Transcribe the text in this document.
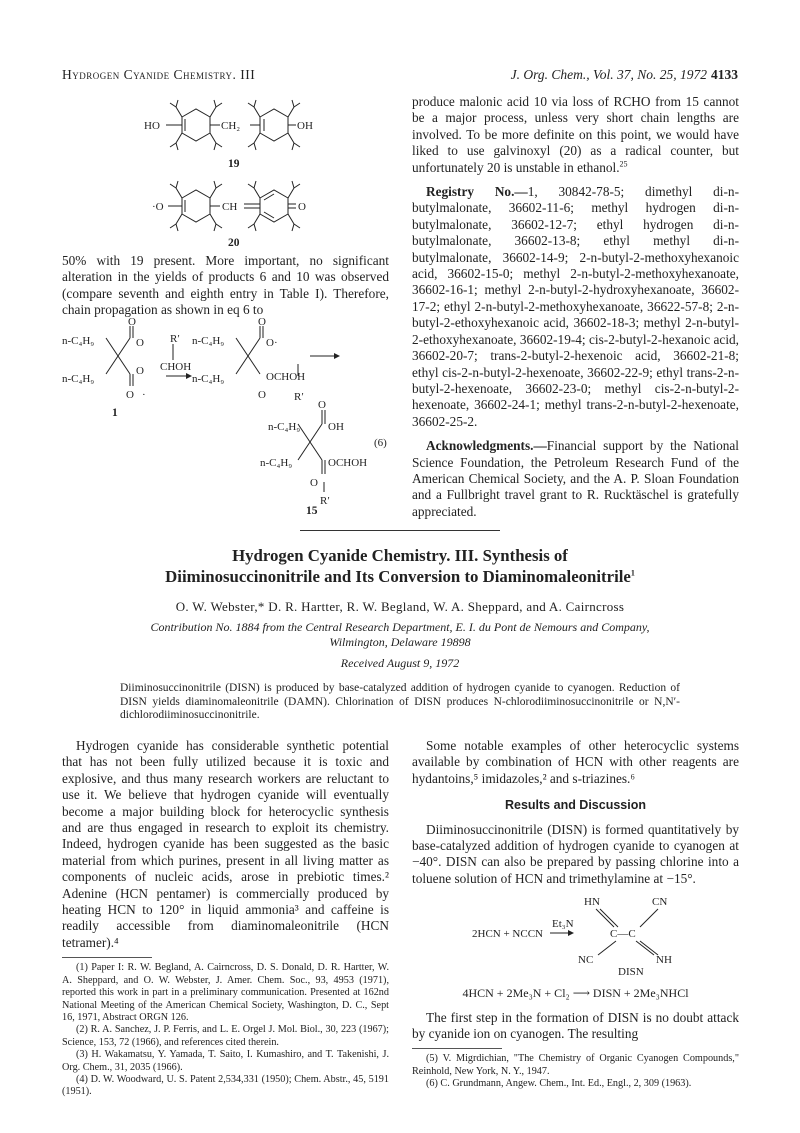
Hydrogen Cyanide Chemistry. III	J. Org. Chem., Vol. 37, No. 25, 1972 4133
HO	CH₂	OH
19
·O	CH	O
20

50% with 19 present. More important, no significant alteration in the yields of products 6 and 10 was observed (compare seventh and eighth entry in Table I). Therefore, chain propagation as shown in eq 6 to

O
n-C₄H₉	O
n-C₄H₉
O
O ·
1
R′
CHOH
O
n-C₄H₉	O·
n-C₄H₉	OCHOH
O	R′
O
n-C₄H₉	OH
n-C₄H₉	OCHOH
O
R′
(6)
15

produce malonic acid 10 via loss of RCHO from 15 cannot be a major process, unless very short chain lengths are involved. To be more definite on this point, we would have liked to use galvinoxyl (20) as a radical counter, but unfortunately 20 is unstable in ethanol.$^{25}$

Registry No.—1, 30842-78-5; dimethyl di-n-butylmalonate, 36602-11-6; methyl hydrogen di-n-butylmalonate, 36602-12-7; ethyl hydrogen di-n-butylmalonate, 36602-13-8; ethyl methyl di-n-butylmalonate, 36602-14-9; 2-n-butyl-2-methoxyhexanoic acid, 36602-15-0; methyl 2-n-butyl-2-methoxyhexanoate, 36602-16-1; methyl 2-n-butyl-2-hydroxyhexanoate, 36602-17-2; ethyl 2-n-butyl-2-methoxyhexanoate, 36622-57-8; 2-n-butyl-2-ethoxyhexanoic acid, 36602-18-3; methyl 2-n-butyl-2-ethoxyhexanoate, 36602-19-4; cis-2-butyl-2-hexanoic acid, 36602-20-7; trans-2-butyl-2-hexenoic acid, 36602-21-8; ethyl cis-2-n-butyl-2-hexenoate, 36602-22-9; ethyl trans-2-n-butyl-2-hexenoate, 36602-23-0; methyl cis-2-n-butyl-2-hexenoate, 36602-24-1; methyl trans-2-n-butyl-2-hexenoate, 36602-25-2.

Acknowledgments.—Financial support by the National Science Foundation, the Petroleum Research Fund of the American Chemical Society, and the A. P. Sloan Foundation and a Fullbright travel grant to R. Rucktäschel is gratefully appreciated.

Hydrogen Cyanide Chemistry. III. Synthesis of
Diiminosuccinonitrile and Its Conversion to Diaminomaleonitrile$^1$
O. W. Webster,* D. R. Hartter, R. W. Begland, W. A. Sheppard, and A. Cairncross
Contribution No. 1884 from the Central Research Department, E. I. du Pont de Nemours and Company,
Wilmington, Delaware 19898
Received August 9, 1972
Diiminosuccinonitrile (DISN) is produced by base-catalyzed addition of hydrogen cyanide to cyanogen. Reduction of DISN yields diaminomaleonitrile (DAMN). Chlorination of DISN produces N-chlorodiiminosuccinonitrile or N,N′-dichlorodiiminosuccinonitrile.

Hydrogen cyanide has considerable synthetic potential that has not been fully utilized because it is toxic and explosive, and thus many research workers are reluctant to use it. We believe that hydrogen cyanide will eventually become a major building block for heterocyclic synthesis and are thus engaged in research to exploit its chemistry. Indeed, hydrogen cyanide has been suggested as the basic material from which purines, present in all living matter as components of nucleic acids, arose in prebiotic times.² Adenine (HCN pentamer) is commercially produced by heating HCN to 120° in liquid ammonia³ and caffeine is readily accessible from diaminomaleonitrile (HCN tetramer).⁴

(1) Paper I: R. W. Begland, A. Cairncross, D. S. Donald, D. R. Hartter, W. A. Sheppard, and O. W. Webster, J. Amer. Chem. Soc., 93, 4953 (1971), reported this work in part in a preliminary communication. Presented at 162nd National Meeting of the American Chemical Society, Washington, D. C., Sept 16, 1971, Abstract ORGN 126.

(2) R. A. Sanchez, J. P. Ferris, and L. E. Orgel J. Mol. Biol., 30, 223 (1967); Science, 153, 72 (1966), and references cited therein.

(3) H. Wakamatsu, Y. Yamada, T. Saito, I. Kumashiro, and T. Takenishi, J. Org. Chem., 31, 2035 (1966).

(4) D. W. Woodward, U. S. Patent 2,534,331 (1950); Chem. Abstr., 45, 5191 (1951).

Some notable examples of other heterocyclic systems available by combination of HCN with other reagents are hydantoins,⁵ imidazoles,² and s-triazines.⁶

Results and Discussion

Diiminosuccinonitrile (DISN) is formed quantitatively by base-catalyzed addition of hydrogen cyanide to cyanogen at −40°. DISN can also be prepared by passing chlorine into a toluene solution of HCN and trimethylamine at −15°.

2HCN + NCCN
Et₃N
HN	CN
C—C
NC	NH
DISN
4HCN + 2Me₃N + Cl₂ ⟶ DISN + 2Me₃NHCl

The first step in the formation of DISN is no doubt attack by cyanide ion on cyanogen. The resulting

(5) V. Migrdichian, "The Chemistry of Organic Cyanogen Compounds," Reinhold, New York, N. Y., 1947.

(6) C. Grundmann, Angew. Chem., Int. Ed., Engl., 2, 309 (1963).
